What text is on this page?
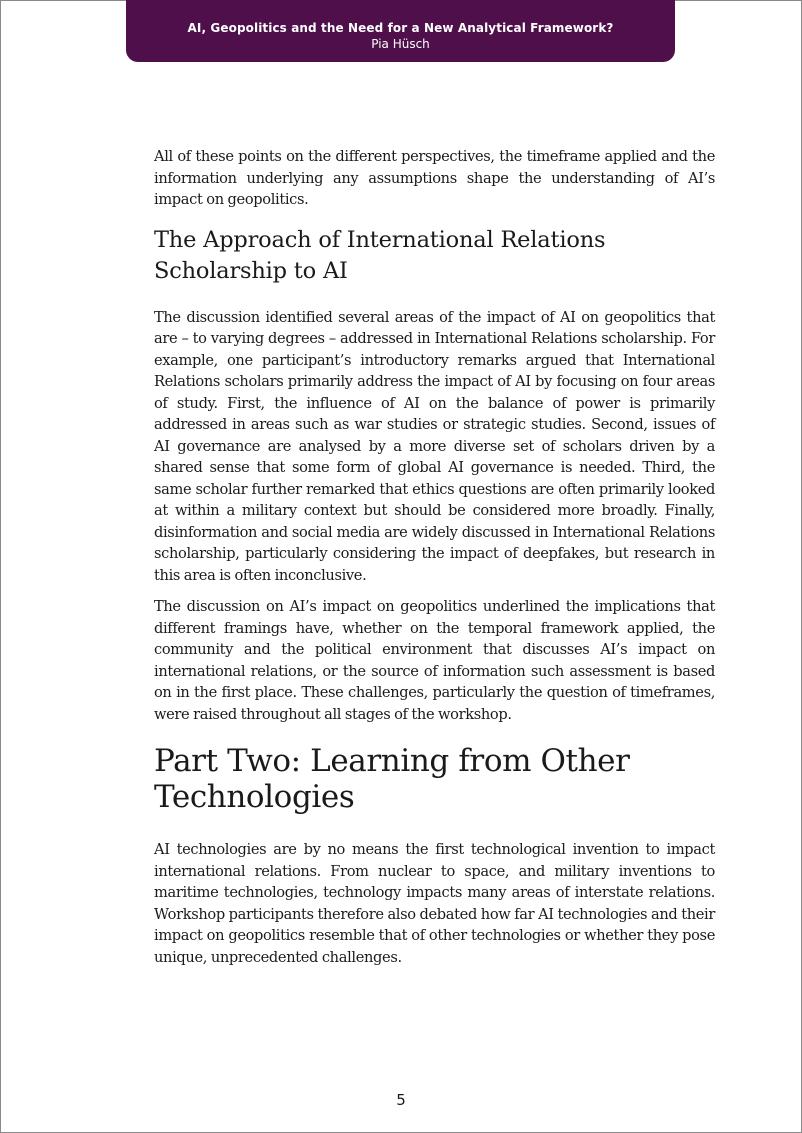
AI, Geopolitics and the Need for a New Analytical Framework?
Pia Hüsch

All of these points on the different perspectives, the timeframe applied and the information underlying any assumptions shape the understanding of AI’s impact on geopolitics.

The Approach of International Relations Scholarship to AI

The discussion identified several areas of the impact of AI on geopolitics that are – to varying degrees – addressed in International Relations scholarship. For example, one participant’s introductory remarks argued that International Relations scholars primarily address the impact of AI by focusing on four areas of study. First, the influence of AI on the balance of power is primarily addressed in areas such as war studies or strategic studies. Second, issues of AI governance are analysed by a more diverse set of scholars driven by a shared sense that some form of global AI governance is needed. Third, the same scholar further remarked that ethics questions are often primarily looked at within a military context but should be considered more broadly. Finally, disinformation and social media are widely discussed in International Relations scholarship, particularly considering the impact of deepfakes, but research in this area is often inconclusive.

The discussion on AI’s impact on geopolitics underlined the implications that different framings have, whether on the temporal framework applied, the community and the political environment that discusses AI’s impact on international relations, or the source of information such assessment is based on in the first place. These challenges, particularly the question of timeframes, were raised throughout all stages of the workshop.

Part Two: Learning from Other Technologies

AI technologies are by no means the first technological invention to impact international relations. From nuclear to space, and military inventions to maritime technologies, technology impacts many areas of interstate relations. Workshop participants therefore also debated how far AI technologies and their impact on geopolitics resemble that of other technologies or whether they pose unique, unprecedented challenges.

5
